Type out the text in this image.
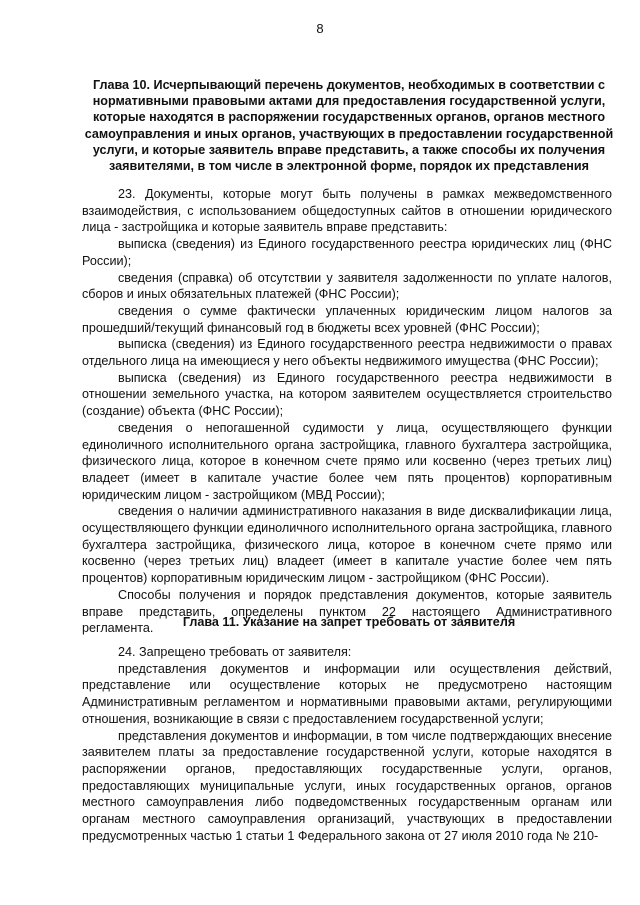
8
Глава 10. Исчерпывающий перечень документов, необходимых в соответствии с нормативными правовыми актами для предоставления государственной услуги, которые находятся в распоряжении государственных органов, органов местного самоуправления и иных органов, участвующих в предоставлении государственной услуги, и которые заявитель вправе представить, а также способы их получения заявителями, в том числе в электронной форме, порядок их представления

23. Документы, которые могут быть получены в рамках межведомственного взаимодействия, с использованием общедоступных сайтов в отношении юридического лица - застройщика и которые заявитель вправе представить:

выписка (сведения) из Единого государственного реестра юридических лиц (ФНС России);

сведения (справка) об отсутствии у заявителя задолженности по уплате налогов, сборов и иных обязательных платежей (ФНС России);

сведения о сумме фактически уплаченных юридическим лицом налогов за прошедший/текущий финансовый год в бюджеты всех уровней (ФНС России);

выписка (сведения) из Единого государственного реестра недвижимости о правах отдельного лица на имеющиеся у него объекты недвижимого имущества (ФНС России);

выписка (сведения) из Единого государственного реестра недвижимости в отношении земельного участка, на котором заявителем осуществляется строительство (создание) объекта (ФНС России);

сведения о непогашенной судимости у лица, осуществляющего функции единоличного исполнительного органа застройщика, главного бухгалтера застройщика, физического лица, которое в конечном счете прямо или косвенно (через третьих лиц) владеет (имеет в капитале участие более чем пять процентов) корпоративным юридическим лицом - застройщиком (МВД России);

сведения о наличии административного наказания в виде дисквалификации лица, осуществляющего функции единоличного исполнительного органа застройщика, главного бухгалтера застройщика, физического лица, которое в конечном счете прямо или косвенно (через третьих лиц) владеет (имеет в капитале участие более чем пять процентов) корпоративным юридическим лицом - застройщиком (ФНС России).

Способы получения и порядок представления документов, которые заявитель вправе представить, определены пунктом 22 настоящего Административного регламента.	Глава 11. Указание на запрет требовать от заявителя

24. Запрещено требовать от заявителя:

представления документов и информации или осуществления действий, представление или осуществление которых не предусмотрено настоящим Административным регламентом и нормативными правовыми актами, регулирующими отношения, возникающие в связи с предоставлением государственной услуги;

представления документов и информации, в том числе подтверждающих внесение заявителем платы за предоставление государственной услуги, которые находятся в распоряжении органов, предоставляющих государственные услуги, органов, предоставляющих муниципальные услуги, иных государственных органов, органов местного самоуправления либо подведомственных государственным органам или органам местного самоуправления организаций, участвующих в предоставлении предусмотренных частью 1 статьи 1 Федерального закона от 27 июля 2010 года № 210-
